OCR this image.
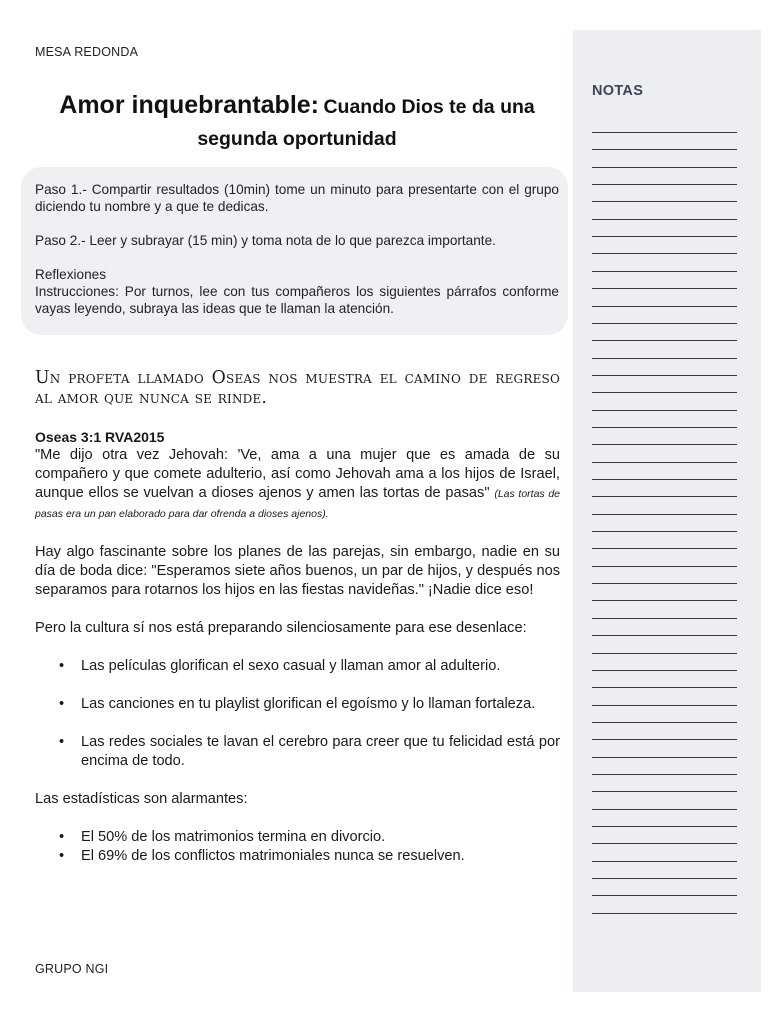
MESA REDONDA
Amor inquebrantable: Cuando Dios te da una segunda oportunidad

Paso 1.- Compartir resultados (10min) tome un minuto para presentarte con el grupo diciendo tu nombre y a que te dedicas.

Paso 2.- Leer y subrayar (15 min) y toma nota de lo que parezca importante.

Reflexiones

Instrucciones: Por turnos, lee con tus compañeros los siguientes párrafos conforme vayas leyendo, subraya las ideas que te llaman la atención.

Un profeta llamado Oseas nos muestra el camino de regreso al amor que nunca se rinde.

Oseas 3:1 RVA2015

"Me dijo otra vez Jehovah: 'Ve, ama a una mujer que es amada de su compañero y que comete adulterio, así como Jehovah ama a los hijos de Israel, aunque ellos se vuelvan a dioses ajenos y amen las tortas de pasas" (Las tortas de pasas era un pan elaborado para dar ofrenda a dioses ajenos).

Hay algo fascinante sobre los planes de las parejas, sin embargo, nadie en su día de boda dice: "Esperamos siete años buenos, un par de hijos, y después nos separamos para rotarnos los hijos en las fiestas navideñas." ¡Nadie dice eso!

Pero la cultura sí nos está preparando silenciosamente para ese desenlace:

• Las películas glorifican el sexo casual y llaman amor al adulterio.
• Las canciones en tu playlist glorifican el egoísmo y lo llaman fortaleza.
• Las redes sociales te lavan el cerebro para creer que tu felicidad está por encima de todo.

Las estadísticas son alarmantes:

• El 50% de los matrimonios termina en divorcio.
• El 69% de los conflictos matrimoniales nunca se resuelven.
GRUPO NGI
NOTAS
